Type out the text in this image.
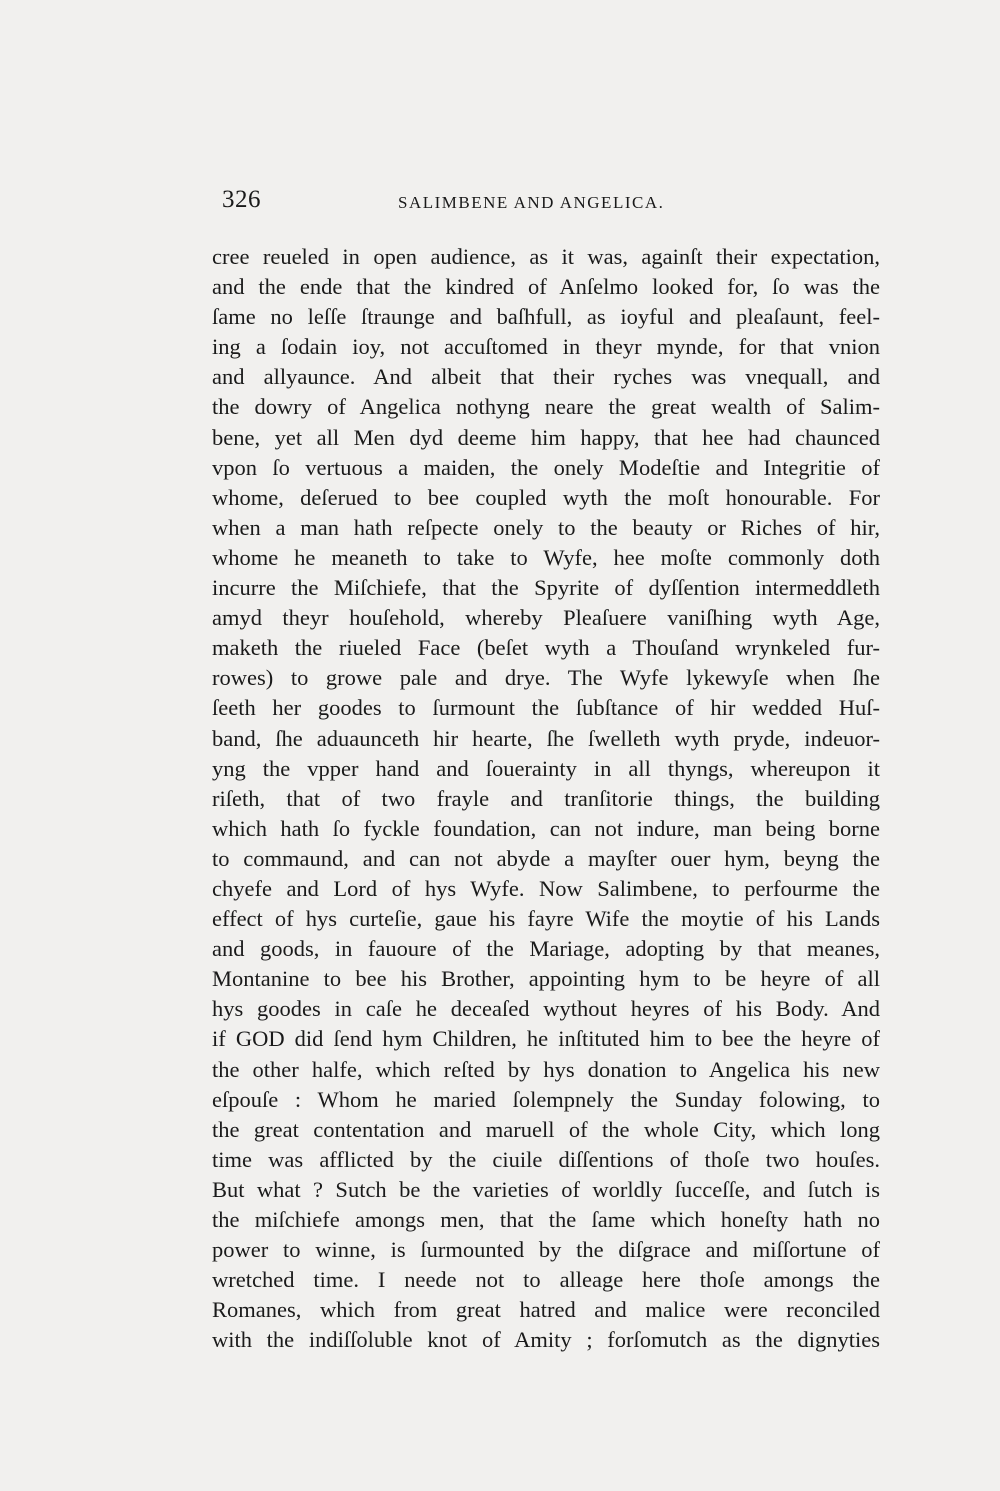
326	SALIMBENE AND ANGELICA.
cree reueled in open audience, as it was, againſt their expectation,
and the ende that the kindred of Anſelmo looked for, ſo was the
ſame no leſſe ſtraunge and baſhfull, as ioyful and pleaſaunt, feel-
ing a ſodain ioy, not accuſtomed in theyr mynde, for that vnion
and allyaunce. And albeit that their ryches was vnequall, and
the dowry of Angelica nothyng neare the great wealth of Salim-
bene, yet all Men dyd deeme him happy, that hee had chaunced
vpon ſo vertuous a maiden, the onely Modeſtie and Integritie of
whome, deſerued to bee coupled wyth the moſt honourable. For
when a man hath reſpecte onely to the beauty or Riches of hir,
whome he meaneth to take to Wyfe, hee moſte commonly doth
incurre the Miſchiefe, that the Spyrite of dyſſention intermeddleth
amyd theyr houſehold, whereby Pleaſuere vaniſhing wyth Age,
maketh the riueled Face (beſet wyth a Thouſand wrynkeled fur-
rowes) to growe pale and drye. The Wyfe lykewyſe when ſhe
ſeeth her goodes to ſurmount the ſubſtance of hir wedded Huſ-
band, ſhe aduaunceth hir hearte, ſhe ſwelleth wyth pryde, indeuor-
yng the vpper hand and ſouerainty in all thyngs, whereupon it
riſeth, that of two frayle and tranſitorie things, the building
which hath ſo fyckle foundation, can not indure, man being borne
to commaund, and can not abyde a mayſter ouer hym, beyng the
chyefe and Lord of hys Wyfe. Now Salimbene, to perfourme the
effect of hys curteſie, gaue his fayre Wife the moytie of his Lands
and goods, in fauoure of the Mariage, adopting by that meanes,
Montanine to bee his Brother, appointing hym to be heyre of all
hys goodes in caſe he deceaſed wythout heyres of his Body. And
if GOD did ſend hym Children, he inſtituted him to bee the heyre of
the other halfe, which reſted by hys donation to Angelica his new
eſpouſe : Whom he maried ſolempnely the Sunday folowing, to
the great contentation and maruell of the whole City, which long
time was afflicted by the ciuile diſſentions of thoſe two houſes.
But what ? Sutch be the varieties of worldly ſucceſſe, and ſutch is
the miſchiefe amongs men, that the ſame which honeſty hath no
power to winne, is ſurmounted by the diſgrace and miſſortune of
wretched time. I neede not to alleage here thoſe amongs the
Romanes, which from great hatred and malice were reconciled
with the indiſſoluble knot of Amity ; forſomutch as the dignyties
